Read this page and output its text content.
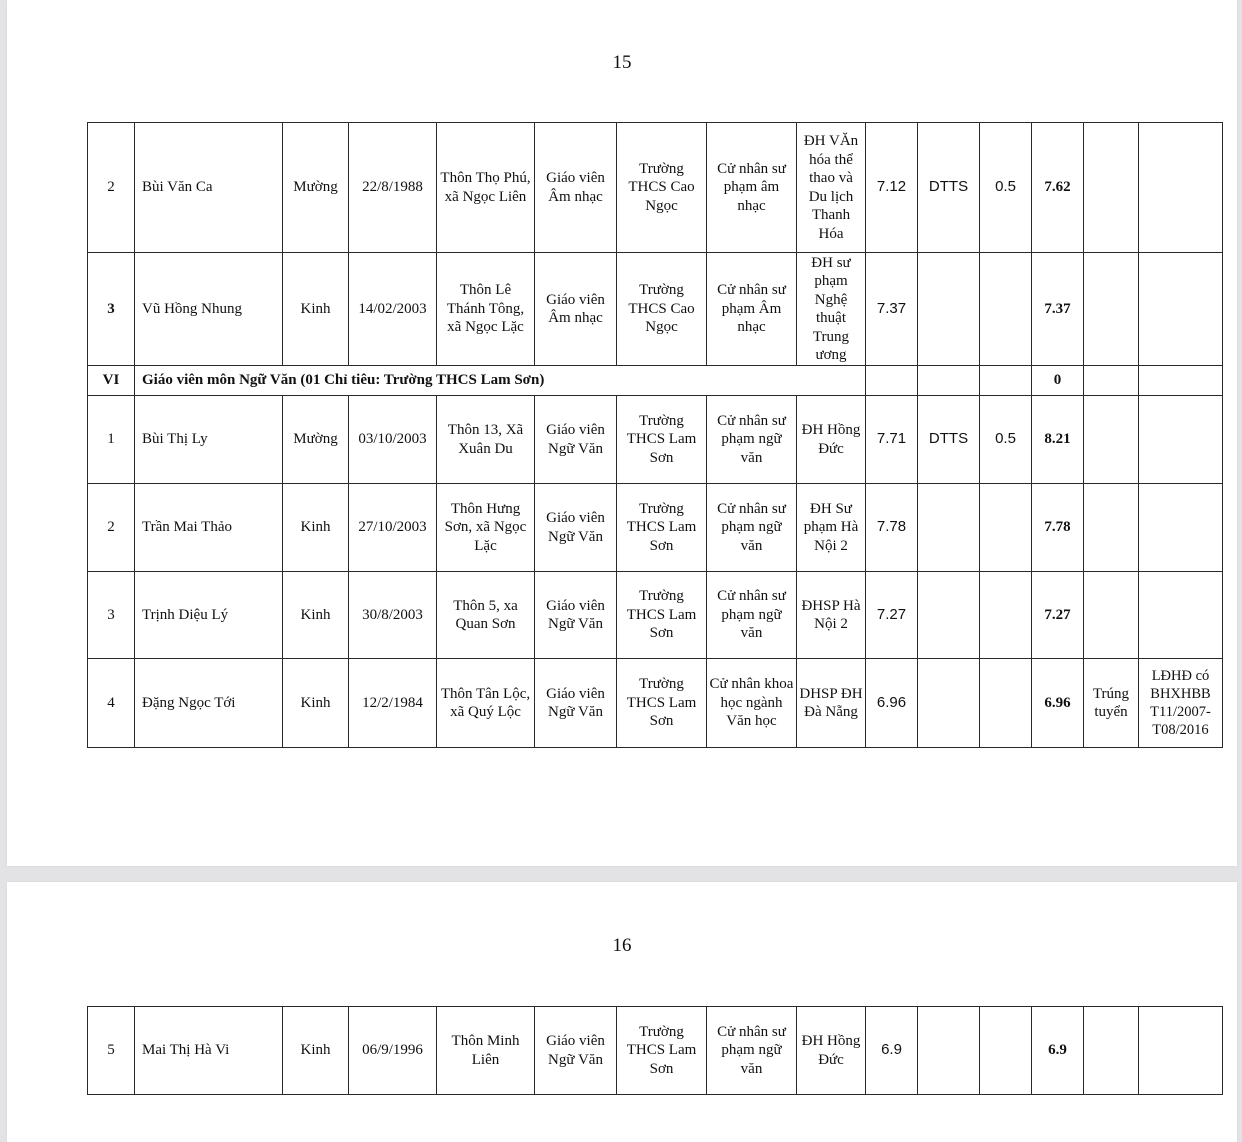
15
2	Bùi Văn Ca	Mường	22/8/1988	Thôn Thọ Phú, xã Ngọc Liên	Giáo viên Âm nhạc	Trường THCS Cao Ngọc	Cử nhân sư phạm âm nhạc	ĐH VĂn hóa thể thao và Du lịch Thanh Hóa	7.12	DTTS	0.5	7.62		
3	Vũ Hồng Nhung	Kinh	14/02/2003	Thôn Lê Thánh Tông, xã Ngọc Lặc	Giáo viên Âm nhạc	Trường THCS Cao Ngọc	Cử nhân sư phạm Âm nhạc	ĐH sư phạm Nghệ thuật Trung ương	7.37			7.37		
VI	Giáo viên môn Ngữ Văn (01 Chỉ tiêu: Trường THCS Lam Sơn)											0		
1	Bùi Thị Ly	Mường	03/10/2003	Thôn 13, Xã Xuân Du	Giáo viên Ngữ Văn	Trường THCS Lam Sơn	Cử nhân sư phạm ngữ văn	ĐH Hồng Đức	7.71	DTTS	0.5	8.21		
2	Trần Mai Thảo	Kinh	27/10/2003	Thôn Hưng Sơn, xã Ngọc Lặc	Giáo viên Ngữ Văn	Trường THCS Lam Sơn	Cử nhân sư phạm ngữ văn	ĐH Sư phạm Hà Nội 2	7.78			7.78		
3	Trịnh Diệu Lý	Kinh	30/8/2003	Thôn 5, xa Quan Sơn	Giáo viên Ngữ Văn	Trường THCS Lam Sơn	Cử nhân sư phạm ngữ văn	ĐHSP Hà Nội 2	7.27			7.27		
4	Đặng Ngọc Tới	Kinh	12/2/1984	Thôn Tân Lộc, xã Quý Lộc	Giáo viên Ngữ Văn	Trường THCS Lam Sơn	Cử nhân khoa học ngành Văn học	DHSP ĐH Đà Nẵng	6.96			6.96	Trúng tuyển	LĐHĐ có BHXHBB T11/2007-T08/2016
16
5	Mai Thị Hà Vi	Kinh	06/9/1996	Thôn Minh Liên	Giáo viên Ngữ Văn	Trường THCS Lam Sơn	Cử nhân sư phạm ngữ văn	ĐH Hồng Đức	6.9			6.9		
